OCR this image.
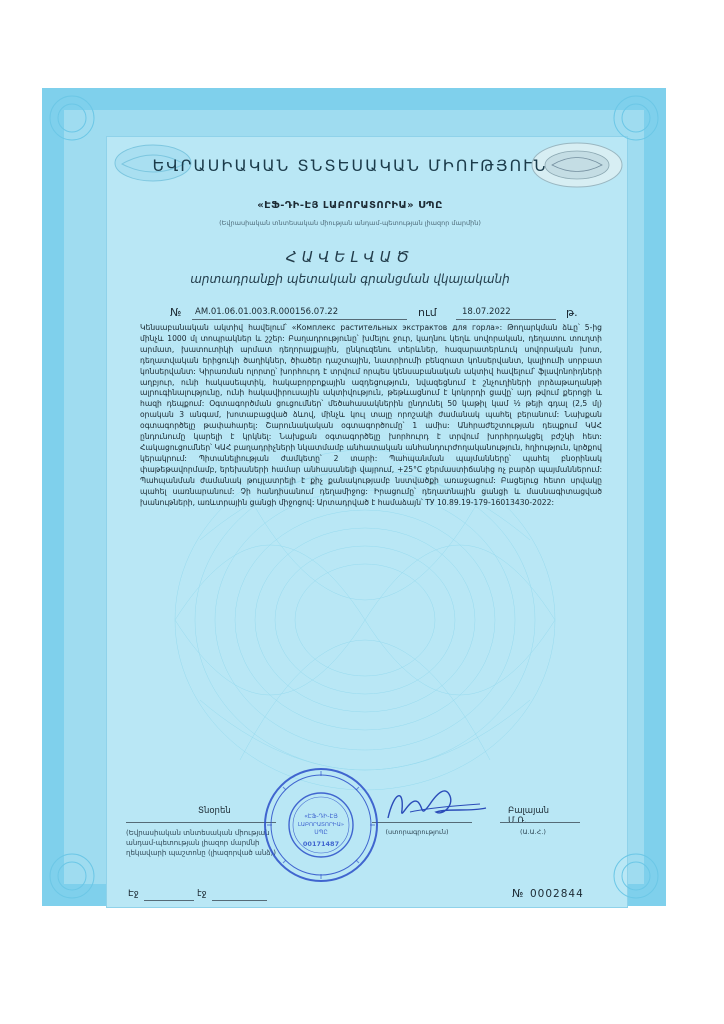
ԵՎՐԱՍԻԱԿԱՆ ՏՆՏԵՍԱԿԱՆ ՄԻՈՒԹՅՈՒՆ
«ԷՖ-ԴԻ-ԷՅ ԼԱԲՈՐԱՏՈՐԻԱ» ՍՊԸ
(Եվրասիական տնտեսական միության անդամ-պետության լիազոր մարմին)
ՀԱՎԵԼՎԱԾ
արտադրանքի պետական գրանցման վկայականի
№ AM.01.06.01.003.R.000156.07.22	ում	18.07.2022	թ.
Կենսաբանական ակտիվ հավելում՝ «Комплекс растительных экстрактов для горла»: Թողարկման ձևը՝ 5-ից մինչև 1000 մլ տոպրակներ և շշեր: Բաղադրությունը՝ խմելու ջուր, կաղնու կեղև սովորական, դեղատու տուղտի արմատ, խատուտիկի արմատ դեղորայքային, ընկուզենու տերևներ, հազարատերևուկ սովորական խոտ, դեղատվական երիցուկի ծաղիկներ, ծիածեր դաշտային, նատրիումի բենզոատ կոնսերվանտ, կալիումի սորբատ կոնսերվանտ: Կիրառման ոլորտը՝ խորհուրդ է տրվում որպես կենսաբանական ակտիվ հավելում՝ ֆլավոնոիդների աղբյուր, ունի հակասեպտիկ, հակաբորբոքային ազդեցություն, նվազեցնում է շնչուղիների լորձաթաղանթի ալրուգինալությունը, ունի հակավիրուսային ակտիվություն, թեթևացնում է կոկորդի ցավը՝ այդ թվում քերոցի և հազի դեպքում: Օգտագործման ցուցումներ՝ մեծահասակներին ընդունել 50 կաթիլ կամ ½ թեյի գդալ (2,5 մլ) օրական 3 անգամ, խոտաբացված ձևով, մինչև կուլ տալը որոշակի ժամանակ պահել բերանում: Նախքան օգտագործելը թափահարել: Շարունակական օգտագործումը՝ 1 ամիս: Անհրաժեշտության դեպքում ԿԱՀ ընդունումը կարելի է կրկնել: Նախքան օգտագործելը խորհուրդ է տրվում խորհրդակցել բժշկի հետ: Հակացուցումներ՝ ԿԱՀ բաղադրիչների նկատմամբ անհատական անհանդուրժողականություն, հղիություն, կրծքով կերակրում: Պիտանելիության ժամկետը՝ 2 տարի: Պահպանման պայմանները՝ պահել բնօրինակ փաթեթավորմամբ, երեխաների համար անհասանելի վայրում, +25°C ջերմաստիճանից ոչ բարձր պայմաններում: Պահպանման ժամանակ թույլատրելի է քիչ քանակությամբ նստվածքի առաջացում: Բացելուց հետո սրվակը պահել սառնարանում: Չի հանդիսանում դեղամիջոց: Իրացումը՝ դեղատնային ցանցի և մասնագիտացված խանութների, առևտրային ցանցի միջոցով: Արտադրված է համաձայն՝ ТУ 10.89.19-179-16013430-2022:
Տնօրեն
(Եվրասիական տնտեսական միության անդամ-պետության լիազոր մարմնի ղեկավարի պաշտոնը (լիազորված անձ))
(ստորագրություն)
Բալայան Մ.Ռ.
(Ա.Ա.Հ.)
«ԷՖ-ԴԻ-ԷՅ
ԼԱԲՈՐԱՏՈՐԻԱ»
ՍՊԸ
00171487
Էջ	էջ	№ 0002844
